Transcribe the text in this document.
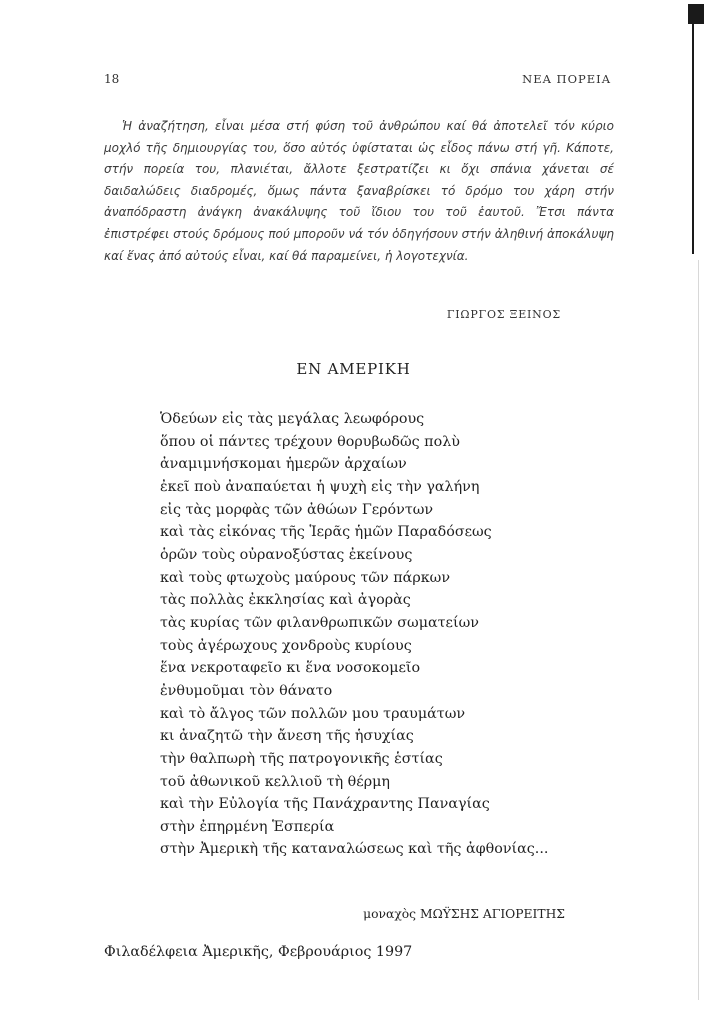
18	ΝΕΑ ΠΟΡΕΙΑ

Ἡ ἀναζήτηση, εἶναι μέσα στή φύση τοῦ ἀνθρώπου καί θά ἀποτελεῖ τόν κύριο μοχλό τῆς δημιουργίας του, ὅσο αὐτός ὑφίσταται ὡς εἶδος πάνω στή γῆ. Κάποτε, στήν πορεία του, πλανιέται, ἄλλοτε ξεστρατίζει κι ὄχι σπάνια χάνεται σέ δαιδαλώδεις διαδρομές, ὅμως πάντα ξαναβρίσκει τό δρόμο του χάρη στήν ἀναπόδραστη ἀνάγκη ἀνακάλυψης τοῦ ἴδιου του τοῦ ἑαυτοῦ. Ἔτσι πάντα ἐπιστρέφει στούς δρόμους πού μποροῦν νά τόν ὁδηγήσουν στήν ἀληθινή ἀποκάλυψη καί ἕνας ἀπό αὐτούς εἶναι, καί θά παραμείνει, ἡ λογοτεχνία.

ΓΙΩΡΓΟΣ ΞΕΙΝΟΣ
ΕΝ ΑΜΕΡΙΚΗ
Ὁδεύων εἰς τὰς μεγάλας λεωφόρους
ὅπου οἱ πάντες τρέχουν θορυβωδῶς πολὺ
ἀναμιμνήσκομαι ἡμερῶν ἀρχαίων
ἐκεῖ ποὺ ἀναπαύεται ἡ ψυχὴ εἰς τὴν γαλήνη
εἰς τὰς μορφὰς τῶν ἀθώων Γερόντων
καὶ τὰς εἰκόνας τῆς Ἱερᾶς ἡμῶν Παραδόσεως
ὁρῶν τοὺς οὐρανοξύστας ἐκείνους
καὶ τοὺς φτωχοὺς μαύρους τῶν πάρκων
τὰς πολλὰς ἐκκλησίας καὶ ἀγορὰς
τὰς κυρίας τῶν φιλανθρωπικῶν σωματείων
τοὺς ἀγέρωχους χονδροὺς κυρίους
ἕνα νεκροταφεῖο κι ἕνα νοσοκομεῖο
ἐνθυμοῦμαι τὸν θάνατο
καὶ τὸ ἄλγος τῶν πολλῶν μου τραυμάτων
κι ἀναζητῶ τὴν ἄνεση τῆς ἡσυχίας
τὴν θαλπωρὴ τῆς πατρογονικῆς ἑστίας
τοῦ ἀθωνικοῦ κελλιοῦ τὴ θέρμη
καὶ τὴν Εὐλογία τῆς Πανάχραντης Παναγίας
στὴν ἐπηρμένη Ἑσπερία
στὴν Ἀμερικὴ τῆς καταναλώσεως καὶ τῆς ἀφθονίας...
μοναχὸς ΜΩΫΣΗΣ ΑΓΙΟΡΕΙΤΗΣ
Φιλαδέλφεια Ἀμερικῆς, Φεβρουάριος 1997
